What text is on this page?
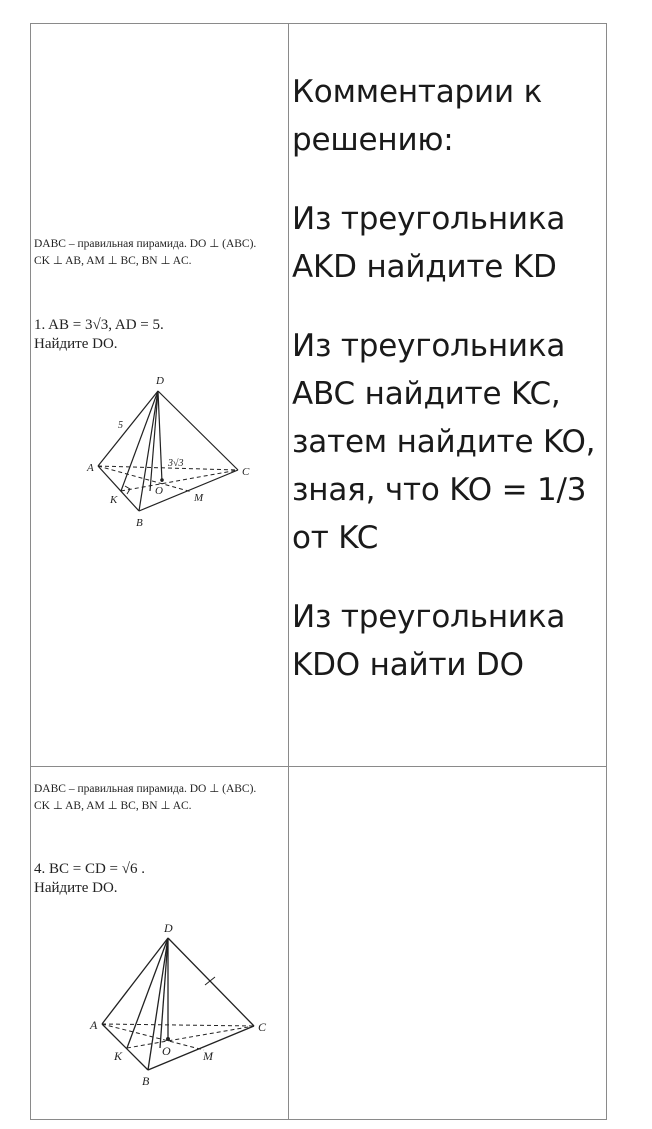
DABC – правильная пирамида. DO ⊥ (ABC).
CK ⊥ AB, AM ⊥ BC, BN ⊥ AC.
1. AB = 3√3, AD = 5.
Найдите DO.
D
A
B
C
K
O
M
5
3√3

Комментарии к решению:

Из треугольника AKD найдите KD

Из треугольника ABC найдите KC, затем найдите KO, зная, что KO = 1/3 от KC

Из треугольника KDO найти DO

DABC – правильная пирамида. DO ⊥ (ABC).
CK ⊥ AB, AM ⊥ BC, BN ⊥ AC.
4. BC = CD = √6 .
Найдите DO.
D
A
B
C
K	O	M
